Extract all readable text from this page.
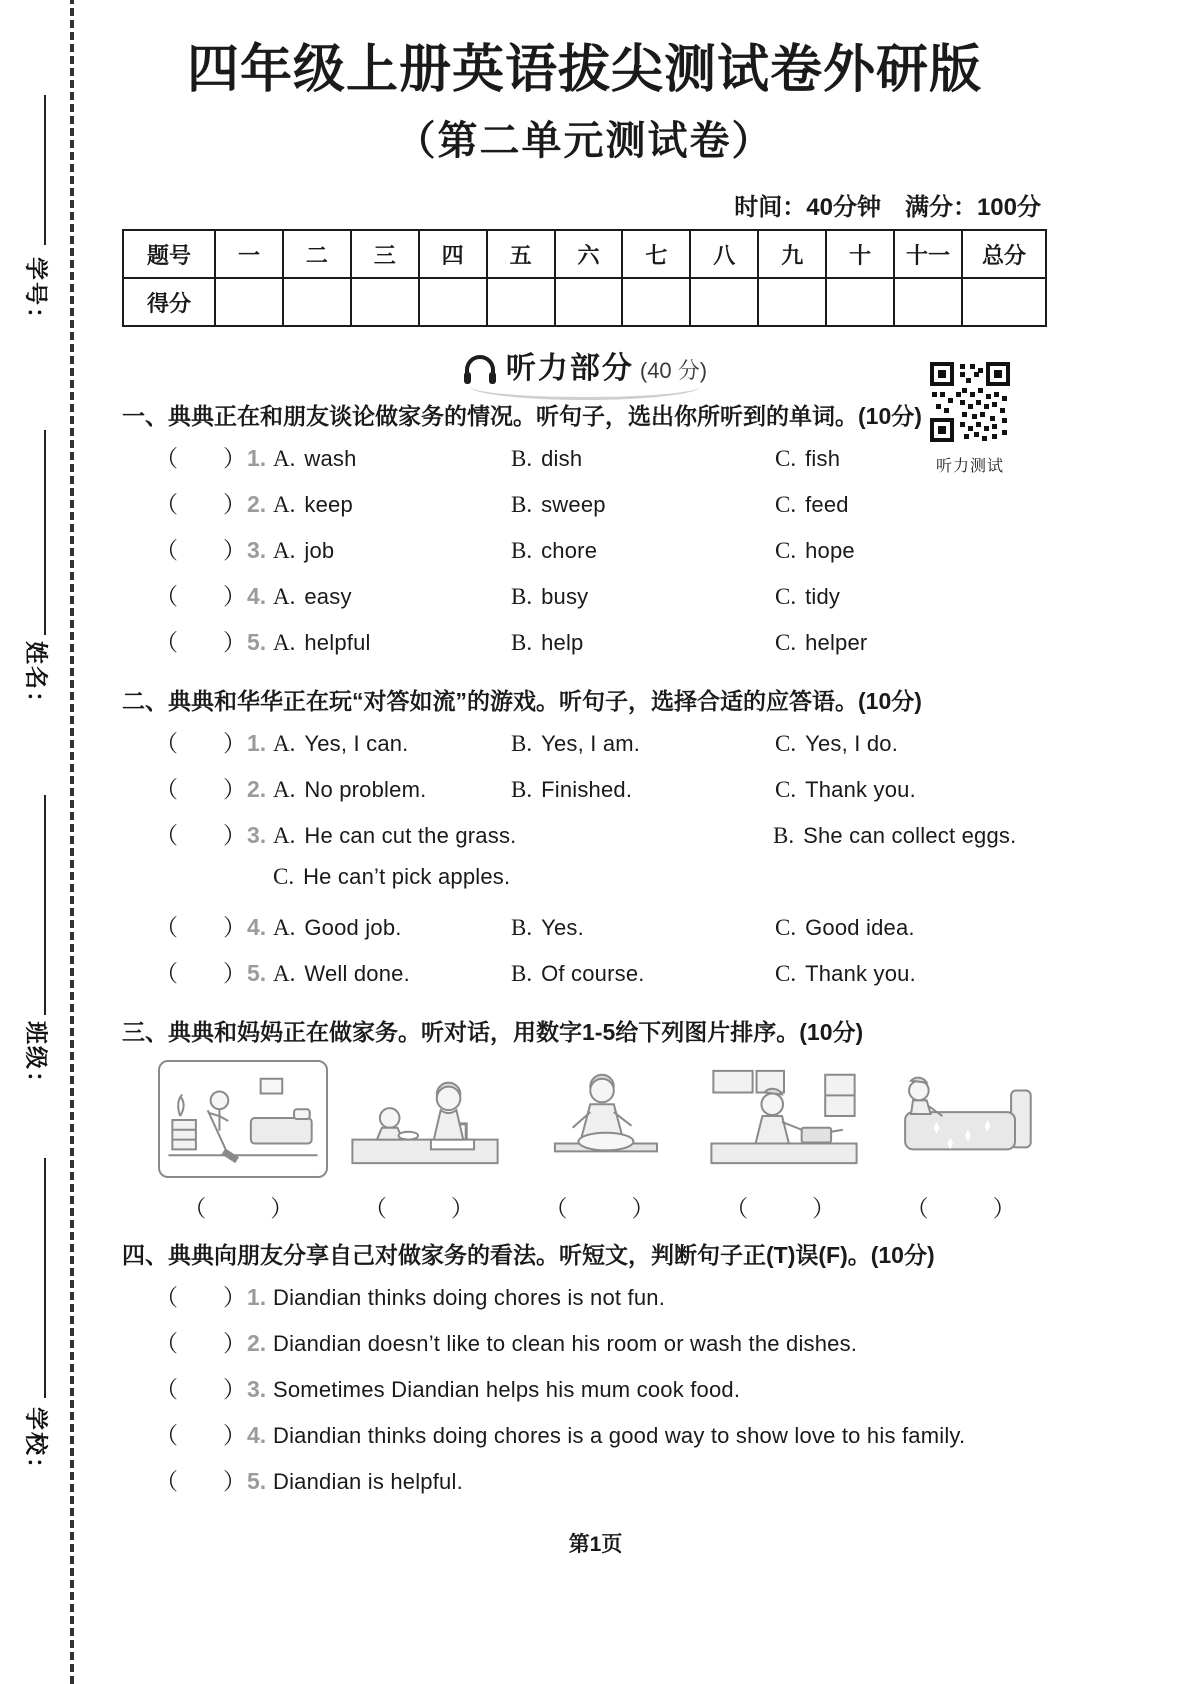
学号：
姓名：
班级：
学校：
四年级上册英语拔尖测试卷外研版
（第二单元测试卷）
时间：40分钟　满分：100分
题号	一	二	三	四	五	六	七	八	九	十	十一	总分
得分												
听力部分 (40 分)
一、典典正在和朋友谈论做家务的情况。听句子，选出你所听到的单词。(10分)
（	）1. A. wash	B. dish	C. fish
（	）2. A. keep	B. sweep	C. feed
（	）3. A. job	B. chore	C. hope
（	）4. A. easy	B. busy	C. tidy
（	）5. A. helpful	B. help	C. helper
二、典典和华华正在玩“对答如流”的游戏。听句子，选择合适的应答语。(10分)
（	）1. A. Yes, I can.	B. Yes, I am.	C. Yes, I do.
（	）2. A. No problem.	B. Finished.	C. Thank you.
（	）3. A. He can cut the grass.	B. She can collect eggs.
C. He can’t pick apples.
（	）4. A. Good job.	B. Yes.	C. Good idea.
（	）5. A. Well done.	B. Of course.	C. Thank you.
三、典典和妈妈正在做家务。听对话，用数字1-5给下列图片排序。(10分)
（　　）	（　　）	（　　）	（　　）	（　　）
四、典典向朋友分享自己对做家务的看法。听短文，判断句子正(T)误(F)。(10分)
（	）1. Diandian thinks doing chores is not fun.
（	）2. Diandian doesn’t like to clean his room or wash the dishes.
（	）3. Sometimes Diandian helps his mum cook food.
（	）4. Diandian thinks doing chores is a good way to show love to his family.
（	）5. Diandian is helpful.
听力测试
第1页
